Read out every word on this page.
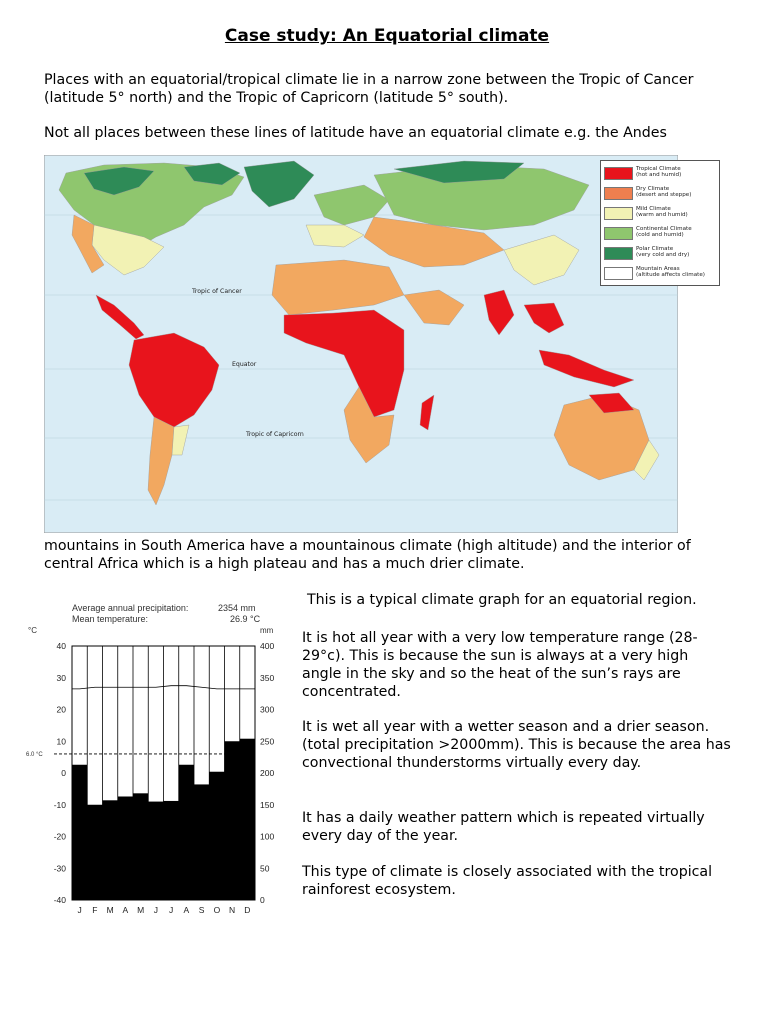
Case study: An Equatorial climate

Places with an equatorial/tropical climate lie in a narrow zone between the Tropic of Cancer (latitude 5° north) and the Tropic of Capricorn (latitude 5° south).

Not all places between these lines of latitude have an equatorial climate e.g. the Andes

Tropic of Cancer
Equator
Tropic of Capricorn
Tropical Climate
(hot and humid)
Dry Climate
(desert and steppe)
Mild Climate
(warm and humid)
Continental Climate
(cold and humid)
Polar Climate
(very cold and dry)
Mountain Areas
(altitude affects climate)

mountains in South America have a mountainous climate (high altitude) and the interior of central Africa which is a high plateau and has a much drier climate.

Average annual precipitation:	2354 mm
Mean temperature:	26.9 °C
°C	mm
40
30
20
10
0
-10
-20
-30
-40
400
350
300
250
200
150
100
50
0
J F M A M J J A S O N D
6.0 °C

This is a typical climate graph for an equatorial region.

It is hot all year with a very low temperature range (28-29°c). This is because the sun is always at a very high angle in the sky and so the heat of the sun’s rays are concentrated.

It is wet all year with a wetter season and a drier season. (total precipitation >2000mm). This is because the area has convectional thunderstorms virtually every day.

It has a daily weather pattern which is repeated virtually every day of the year.

This type of climate is closely associated with the tropical rainforest ecosystem.
